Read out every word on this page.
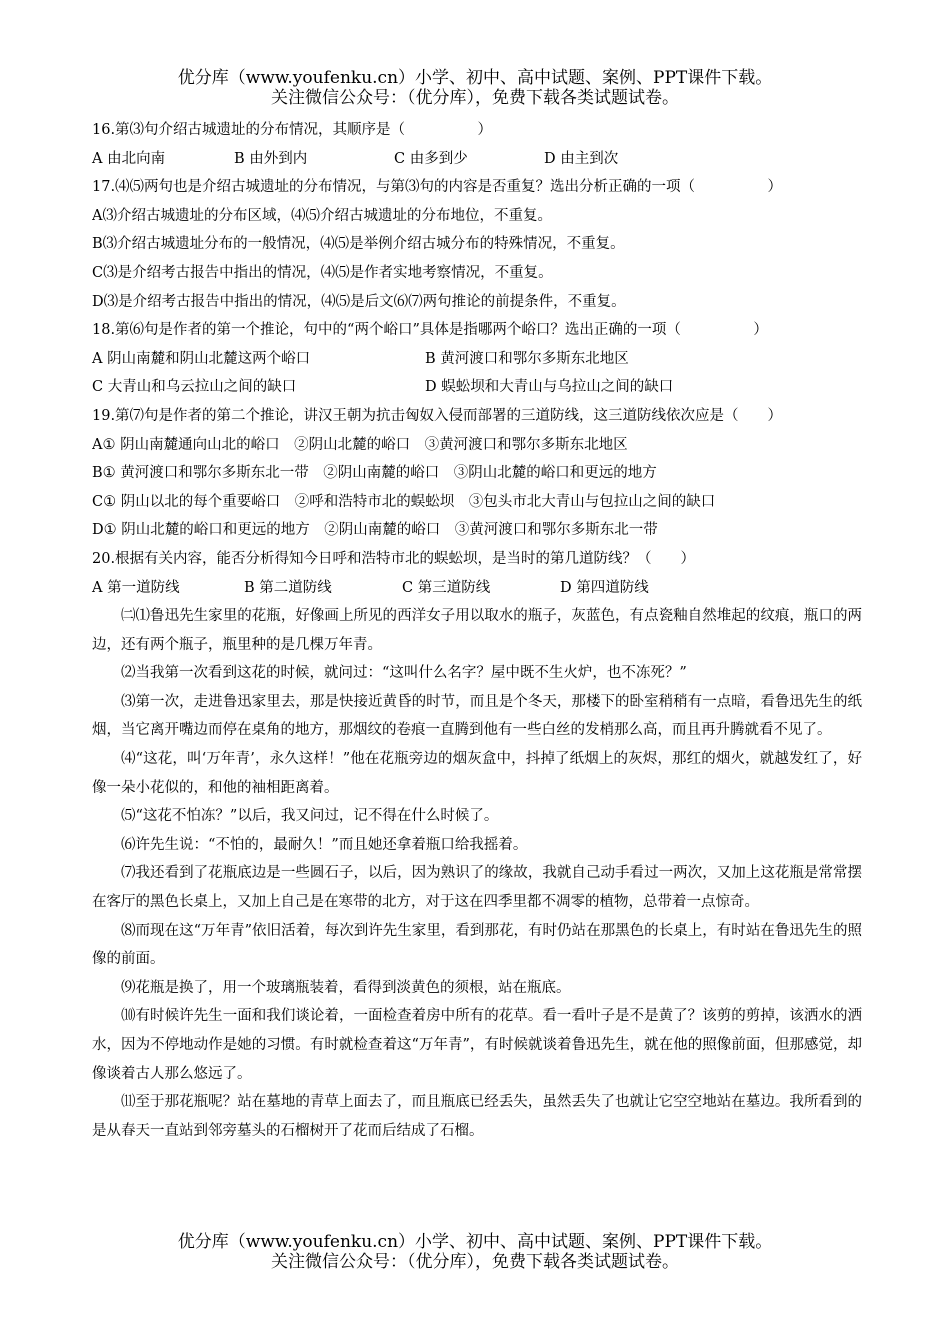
优分库（www.youfenku.cn）小学、初中、高中试题、案例、PPT课件下载。
关注微信公众号：（优分库），免费下载各类试题试卷。
16.第⑶句介绍古城遗址的分布情况，其顺序是（　　　　　）
A 由北向南	B 由外到内	C 由多到少	D 由主到次
17.⑷⑸两句也是介绍古城遗址的分布情况，与第⑶句的内容是否重复？选出分析正确的一项（　　　　　）
A⑶介绍古城遗址的分布区域，⑷⑸介绍古城遗址的分布地位，不重复。
B⑶介绍古城遗址分布的一般情况，⑷⑸是举例介绍古城分布的特殊情况，不重复。
C⑶是介绍考古报告中指出的情况，⑷⑸是作者实地考察情况，不重复。
D⑶是介绍考古报告中指出的情况，⑷⑸是后文⑹⑺两句推论的前提条件，不重复。
18.第⑹句是作者的第一个推论，句中的“两个峪口”具体是指哪两个峪口？选出正确的一项（　　　　　）
A 阴山南麓和阴山北麓这两个峪口	B 黄河渡口和鄂尔多斯东北地区
C 大青山和乌云拉山之间的缺口	D 蜈蚣坝和大青山与乌拉山之间的缺口
19.第⑺句是作者的第二个推论，讲汉王朝为抗击匈奴入侵而部署的三道防线，这三道防线依次应是（　　）
A① 阴山南麓通向山北的峪口　②阴山北麓的峪口　③黄河渡口和鄂尔多斯东北地区
B① 黄河渡口和鄂尔多斯东北一带　②阴山南麓的峪口　③阴山北麓的峪口和更远的地方
C① 阴山以北的每个重要峪口　②呼和浩特市北的蜈蚣坝　③包头市北大青山与包拉山之间的缺口
D① 阴山北麓的峪口和更远的地方　②阴山南麓的峪口　③黄河渡口和鄂尔多斯东北一带
20.根据有关内容，能否分析得知今日呼和浩特市北的蜈蚣坝，是当时的第几道防线？（　　）
A 第一道防线	B 第二道防线	C 第三道防线	D 第四道防线
㈡⑴鲁迅先生家里的花瓶，好像画上所见的西洋女子用以取水的瓶子，灰蓝色，有点瓷釉自然堆起的纹痕，瓶口的两边，还有两个瓶子，瓶里种的是几棵万年青。
⑵当我第一次看到这花的时候，就问过：“这叫什么名字？屋中既不生火炉，也不冻死？”
⑶第一次，走进鲁迅家里去，那是快接近黄昏的时节，而且是个冬天，那楼下的卧室稍稍有一点暗，看鲁迅先生的纸烟，当它离开嘴边而停在桌角的地方，那烟纹的卷痕一直腾到他有一些白丝的发梢那么高，而且再升腾就看不见了。
⑷“这花，叫‘万年青’，永久这样！”他在花瓶旁边的烟灰盒中，抖掉了纸烟上的灰烬，那红的烟火，就越发红了，好像一朵小花似的，和他的袖相距离着。
⑸“这花不怕冻？”以后，我又问过，记不得在什么时候了。
⑹许先生说：“不怕的，最耐久！”而且她还拿着瓶口给我摇着。
⑺我还看到了花瓶底边是一些圆石子，以后，因为熟识了的缘故，我就自己动手看过一两次，又加上这花瓶是常常摆在客厅的黑色长桌上，又加上自己是在寒带的北方，对于这在四季里都不凋零的植物，总带着一点惊奇。
⑻而现在这“万年青”依旧活着，每次到许先生家里，看到那花，有时仍站在那黑色的长桌上，有时站在鲁迅先生的照像的前面。
⑼花瓶是换了，用一个玻璃瓶装着，看得到淡黄色的须根，站在瓶底。
⑽有时候许先生一面和我们谈论着，一面检查着房中所有的花草。看一看叶子是不是黄了？该剪的剪掉，该洒水的洒水，因为不停地动作是她的习惯。有时就检查着这“万年青”，有时候就谈着鲁迅先生，就在他的照像前面，但那感觉，却像谈着古人那么悠远了。
⑾至于那花瓶呢？站在墓地的青草上面去了，而且瓶底已经丢失，虽然丢失了也就让它空空地站在墓边。我所看到的是从春天一直站到邻旁墓头的石榴树开了花而后结成了石榴。
优分库（www.youfenku.cn）小学、初中、高中试题、案例、PPT课件下载。
关注微信公众号：（优分库），免费下载各类试题试卷。
